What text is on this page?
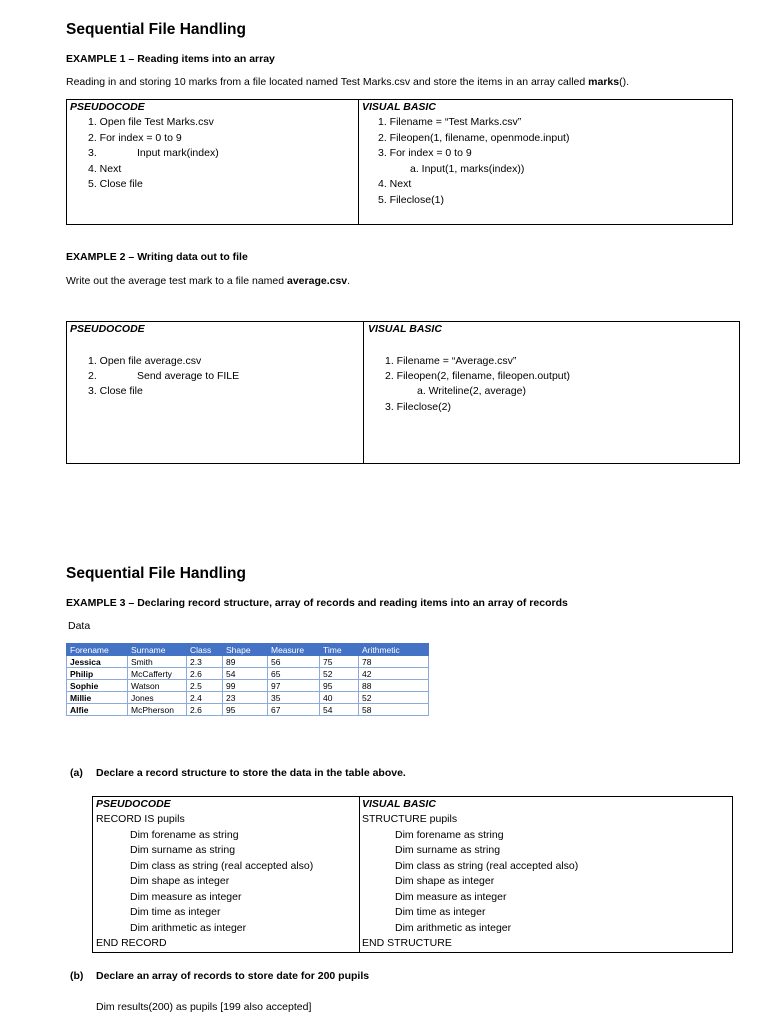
Sequential File Handling
EXAMPLE 1 – Reading items into an array
Reading in and storing 10 marks from a file located named Test Marks.csv and store the items in an array called marks().
PSEUDOCODE
1. Open file Test Marks.csv
2. For index = 0 to 9
3.	Input mark(index)
4. Next
5. Close file
VISUAL BASIC
1. Filename = “Test Marks.csv”
2. Fileopen(1, filename, openmode.input)
3. For index = 0 to 9
a. Input(1, marks(index))
4. Next
5. Fileclose(1)
EXAMPLE 2 – Writing data out to file
Write out the average test mark to a file named average.csv.
PSEUDOCODE
1. Open file average.csv
2.	Send average to FILE
3. Close file
VISUAL BASIC
1. Filename = “Average.csv”
2. Fileopen(2, filename, fileopen.output)
a. Writeline(2, average)
3. Fileclose(2)
Sequential File Handling
EXAMPLE 3 – Declaring record structure, array of records and reading items into an array of records
Data
Forename	Surname	Class	Shape	Measure	Time	Arithmetic
Jessica	Smith	2.3	89	56	75	78
Philip	McCafferty	2.6	54	65	52	42
Sophie	Watson	2.5	99	97	95	88
Millie	Jones	2.4	23	35	40	52
Alfie	McPherson	2.6	95	67	54	58
(a) Declare a record structure to store the data in the table above.
PSEUDOCODE
RECORD IS pupils
Dim forename as string
Dim surname as string
Dim class as string (real accepted also)
Dim shape as integer
Dim measure as integer
Dim time as integer
Dim arithmetic as integer
END RECORD
VISUAL BASIC
STRUCTURE pupils
Dim forename as string
Dim surname as string
Dim class as string (real accepted also)
Dim shape as integer
Dim measure as integer
Dim time as integer
Dim arithmetic as integer
END STRUCTURE
(b) Declare an array of records to store date for 200 pupils
Dim results(200) as pupils [199 also accepted]
